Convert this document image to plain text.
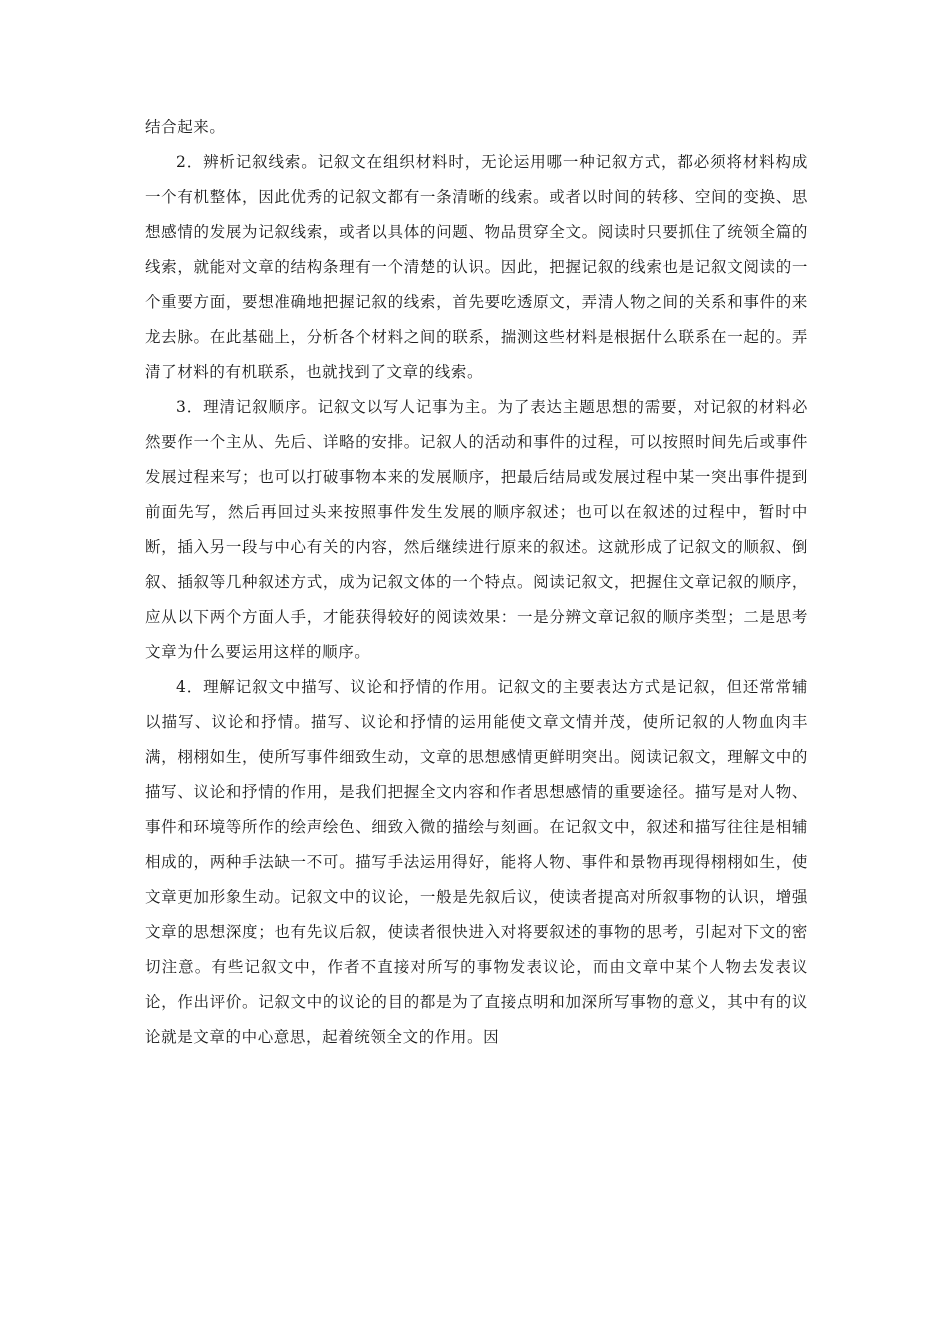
结合起来。

2．辨析记叙线索。记叙文在组织材料时，无论运用哪一种记叙方式，都必须将材料构成一个有机整体，因此优秀的记叙文都有一条清晰的线索。或者以时间的转移、空间的变换、思想感情的发展为记叙线索，或者以具体的问题、物品贯穿全文。阅读时只要抓住了统领全篇的线索，就能对文章的结构条理有一个清楚的认识。因此，把握记叙的线索也是记叙文阅读的一个重要方面，要想准确地把握记叙的线索，首先要吃透原文，弄清人物之间的关系和事件的来龙去脉。在此基础上，分析各个材料之间的联系，揣测这些材料是根据什么联系在一起的。弄清了材料的有机联系，也就找到了文章的线索。

3．理清记叙顺序。记叙文以写人记事为主。为了表达主题思想的需要，对记叙的材料必然要作一个主从、先后、详略的安排。记叙人的活动和事件的过程，可以按照时间先后或事件发展过程来写；也可以打破事物本来的发展顺序，把最后结局或发展过程中某一突出事件提到前面先写，然后再回过头来按照事件发生发展的顺序叙述；也可以在叙述的过程中，暂时中断，插入另一段与中心有关的内容，然后继续进行原来的叙述。这就形成了记叙文的顺叙、倒叙、插叙等几种叙述方式，成为记叙文体的一个特点。阅读记叙文，把握住文章记叙的顺序，应从以下两个方面人手，才能获得较好的阅读效果：一是分辨文章记叙的顺序类型；二是思考文章为什么要运用这样的顺序。

4．理解记叙文中描写、议论和抒情的作用。记叙文的主要表达方式是记叙，但还常常辅以描写、议论和抒情。描写、议论和抒情的运用能使文章文情并茂，使所记叙的人物血肉丰满，栩栩如生，使所写事件细致生动，文章的思想感情更鲜明突出。阅读记叙文，理解文中的描写、议论和抒情的作用，是我们把握全文内容和作者思想感情的重要途径。描写是对人物、事件和环境等所作的绘声绘色、细致入微的描绘与刻画。在记叙文中，叙述和描写往往是相辅相成的，两种手法缺一不可。描写手法运用得好，能将人物、事件和景物再现得栩栩如生，使文章更加形象生动。记叙文中的议论，一般是先叙后议，使读者提高对所叙事物的认识，增强文章的思想深度；也有先议后叙，使读者很快进入对将要叙述的事物的思考，引起对下文的密切注意。有些记叙文中，作者不直接对所写的事物发表议论，而由文章中某个人物去发表议论，作出评价。记叙文中的议论的目的都是为了直接点明和加深所写事物的意义，其中有的议论就是文章的中心意思，起着统领全文的作用。因
